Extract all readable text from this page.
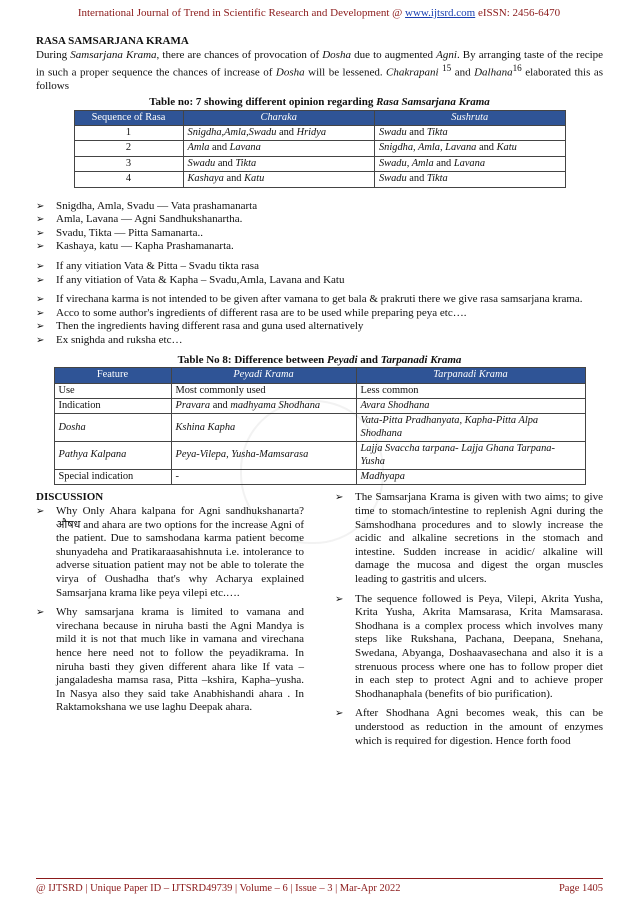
International Journal of Trend in Scientific Research and Development @ www.ijtsrd.com eISSN: 2456-6470
RASA SAMSARJANA KRAMA

During Samsarjana Krama, there are chances of provocation of Dosha due to augmented Agni. By arranging taste of the recipe in such a proper sequence the chances of increase of Dosha will be lessened. Chakrapani $^{15}$ and Dalhana$^{16}$ elaborated this as follows

Table no: 7 showing different opinion regarding Rasa Samsarjana Krama
Sequence of Rasa	Charaka	Sushruta
1	Snigdha,Amla,Swadu and Hridya	Swadu and Tikta
2	Amla and Lavana	Snigdha, Amla, Lavana and Katu
3	Swadu and Tikta	Swadu, Amla and Lavana
4	Kashaya and Katu	Swadu and Tikta
➢ Snigdha, Amla, Svadu — Vata prashamanarta
➢ Amla, Lavana — Agni Sandhukshanartha.
➢ Svadu, Tikta — Pitta Samanarta..
➢ Kashaya, katu — Kapha Prashamanarta.
➢ If any vitiation Vata & Pitta – Svadu tikta rasa
➢ If any vitiation of Vata & Kapha – Svadu,Amla, Lavana and Katu
➢ If virechana karma is not intended to be given after vamana to get bala & prakruti there we give rasa samsarjana krama.
➢ Acco to some author's ingredients of different rasa are to be used while preparing peya etc….
➢ Then the ingredients having different rasa and guna used alternatively
➢ Ex snighda and ruksha etc…
Table No 8: Difference between Peyadi and Tarpanadi Krama
Feature	Peyadi Krama	Tarpanadi Krama
Use	Most commonly used	Less common
Indication	Pravara and madhyama Shodhana	Avara Shodhana
Dosha	Kshina Kapha	Vata-Pitta Pradhanyata, Kapha-Pitta Alpa Shodhana
Pathya Kalpana	Peya-Vilepa, Yusha-Mamsarasa	Lajja Svaccha tarpana- Lajja Ghana Tarpana- Yusha
Special indication	-	Madhyapa
DISCUSSION
➢ Why Only Ahara kalpana for Agni sandhukshanarta? औषध and ahara are two options for the increase Agni of the patient. Due to samshodana karma patient become shunyadeha and Pratikaraasahishnuta i.e. intolerance to adverse situation patient may not be able to tolerate the virya of Oushadha that's why Acharya explained Samsarjana krama like peya vilepi etc.….
➢ Why samsarjana krama is limited to vamana and virechana because in niruha basti the Agni Mandya is mild it is not that much like in vamana and virechana hence here need not to follow the peyadikrama. In niruha basti they given different ahara like If vata –jangaladesha mamsa rasa, Pitta –kshira, Kapha–yusha. In Nasya also they said take Anabhishandi ahara . In Raktamokshana we use laghu Deepak ahara.
➢ The Samsarjana Krama is given with two aims; to give time to stomach/intestine to replenish Agni during the Samshodhana procedures and to slowly increase the acidic and alkaline secretions in the stomach and intestine. Sudden increase in acidic/ alkaline will damage the mucosa and digest the organ muscles leading to gastritis and ulcers.
➢ The sequence followed is Peya, Vilepi, Akrita Yusha, Krita Yusha, Akrita Mamsarasa, Krita Mamsarasa. Shodhana is a complex process which involves many steps like Rukshana, Pachana, Deepana, Snehana, Swedana, Abyanga, Doshaavasechana and also it is a strenuous process where one has to follow proper diet in each step to protect Agni and to achieve proper Shodhanaphala (benefits of bio purification).
➢ After Shodhana Agni becomes weak, this can be understood as reduction in the amount of enzymes which is required for digestion. Hence forth food
@ IJTSRD | Unique Paper ID – IJTSRD49739 | Volume – 6 | Issue – 3 | Mar-Apr 2022	Page 1405
